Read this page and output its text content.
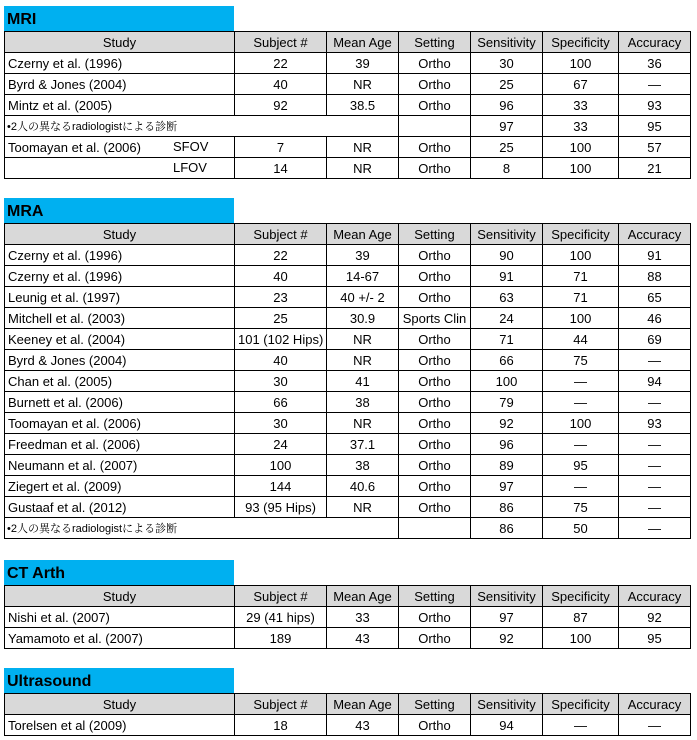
MRI
Study	Subject #	Mean Age	Setting	Sensitivity	Specificity	Accuracy
Czerny et al. (1996)	22	39	Ortho	30	100	36
Byrd & Jones (2004)	40	NR	Ortho	25	67	—
Mintz et al. (2005)	92	38.5	Ortho	96	33	93
•2人の異なるradiologistによる診断				97	33	95
Toomayan et al. (2006) SFOV	7	NR	Ortho	25	100	57

LFOV	14	NR	Ortho	8	100	21
MRA
Study	Subject #	Mean Age	Setting	Sensitivity	Specificity	Accuracy
Czerny et al. (1996)	22	39	Ortho	90	100	91
Czerny et al. (1996)	40	14-67	Ortho	91	71	88
Leunig et al. (1997)	23	40 +/- 2	Ortho	63	71	65
Mitchell et al. (2003)	25	30.9	Sports Clin	24	100	46
Keeney et al. (2004)	101 (102 Hips)	NR	Ortho	71	44	69
Byrd & Jones (2004)	40	NR	Ortho	66	75	—
Chan et al. (2005)	30	41	Ortho	100	—	94
Burnett et al. (2006)	66	38	Ortho	79	—	—
Toomayan et al. (2006)	30	NR	Ortho	92	100	93
Freedman et al. (2006)	24	37.1	Ortho	96	—	—
Neumann et al. (2007)	100	38	Ortho	89	95	—
Ziegert et al. (2009)	144	40.6	Ortho	97	—	—
Gustaaf et al. (2012)	93 (95 Hips)	NR	Ortho	86	75	—
•2人の異なるradiologistによる診断				86	50	—
CT Arth
Study	Subject #	Mean Age	Setting	Sensitivity	Specificity	Accuracy
Nishi et al. (2007)	29 (41 hips)	33	Ortho	97	87	92
Yamamoto et al. (2007)	189	43	Ortho	92	100	95
Ultrasound
Study	Subject #	Mean Age	Setting	Sensitivity	Specificity	Accuracy
Torelsen et al (2009)	18	43	Ortho	94	—	—
